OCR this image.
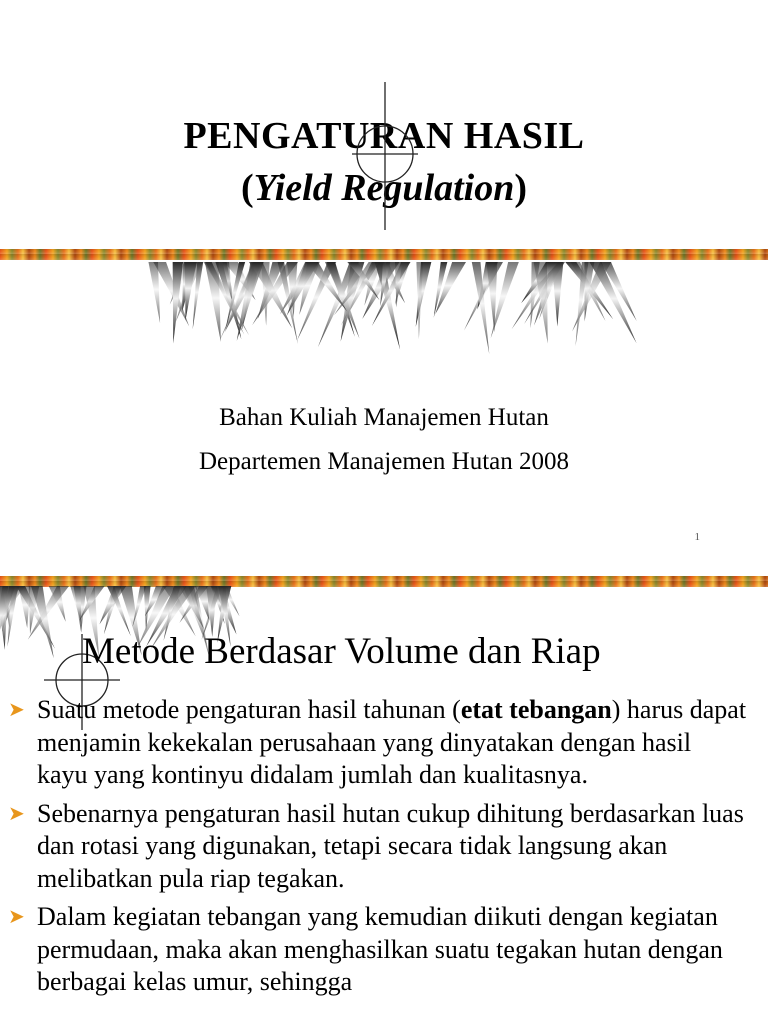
PENGATURAN HASIL
(Yield Regulation)
Bahan Kuliah Manajemen Hutan
Departemen Manajemen Hutan 2008
1
Metode Berdasar Volume dan Riap
➤ Suatu metode pengaturan hasil tahunan (etat tebangan) harus dapat menjamin kekekalan perusahaan yang dinyatakan dengan hasil kayu yang kontinyu didalam jumlah dan kualitasnya.
➤ Sebenarnya pengaturan hasil hutan cukup dihitung berdasarkan luas dan rotasi yang digunakan, tetapi secara tidak langsung akan melibatkan pula riap tegakan.
➤ Dalam kegiatan tebangan yang kemudian diikuti dengan kegiatan permudaan, maka akan menghasilkan suatu tegakan hutan dengan berbagai kelas umur, sehingga
